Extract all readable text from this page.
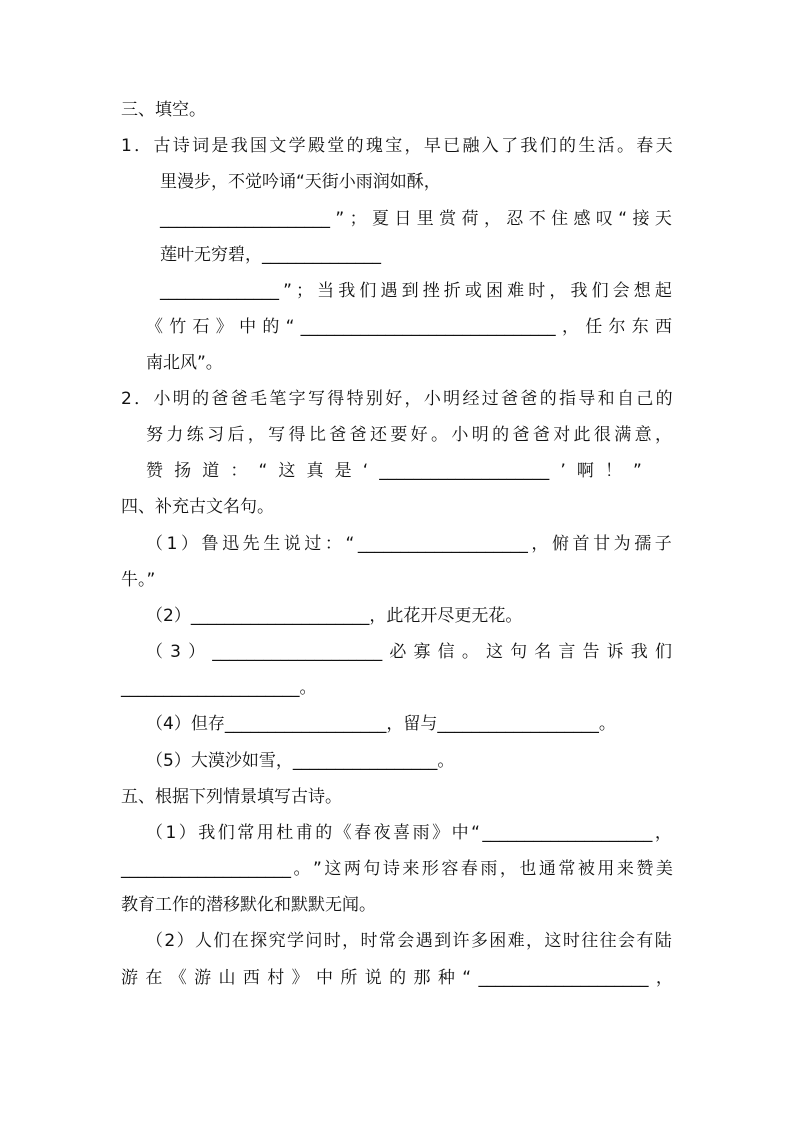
三、填空。
1 ． 古 诗 词 是 我 国 文 学 殿 堂 的 瑰 宝 ， 早 已 融 入 了 我 们 的 生 活 。 春 天
里漫步，不觉吟诵“天街小雨润如酥，
____________________ ” ； 夏 日 里 赏 荷 ， 忍 不 住 感 叹 “ 接 天
莲叶无穷碧，______________
______________ ” ； 当 我 们 遇 到 挫 折 或 困 难 时 ， 我 们 会 想 起
《 竹 石 》 中 的 “ ______________________________ ， 任 尔 东 西
南北风”。
2 ． 小 明 的 爸 爸 毛 笔 字 写 得 特 别 好 ， 小 明 经 过 爸 爸 的 指 导 和 自 己 的
努 力 练 习 后 ， 写 得 比 爸 爸 还 要 好 。 小 明 的 爸 爸 对 此 很 满 意 ，
赞 扬 道 ： “ 这 真 是 ‘ ____________________ ’ 啊 ！ ”
四、补充古文名句。
（ 1 ） 鲁 迅 先 生 说 过 ： “ ____________________ ， 俯 首 甘 为 孺 子
牛。”
（2）_____________________，此花开尽更无花。
（ 3 ） ____________________ 必 寡 信 。 这 句 名 言 告 诉 我 们
_____________________。
（4）但存___________________，留与___________________。
（5）大漠沙如雪，_________________。
五、根据下列情景填写古诗。
（ 1 ） 我 们 常 用 杜 甫 的 《 春 夜 喜 雨 》 中 “ ____________________ ，
____________________ 。 ” 这 两 句 诗 来 形 容 春 雨 ， 也 通 常 被 用 来 赞 美
教育工作的潜移默化和默默无闻。
（ 2 ） 人 们 在 探 究 学 问 时 ， 时 常 会 遇 到 许 多 困 难 ， 这 时 往 往 会 有 陆
游 在 《 游 山 西 村 》 中 所 说 的 那 种 “ ____________________ ，
